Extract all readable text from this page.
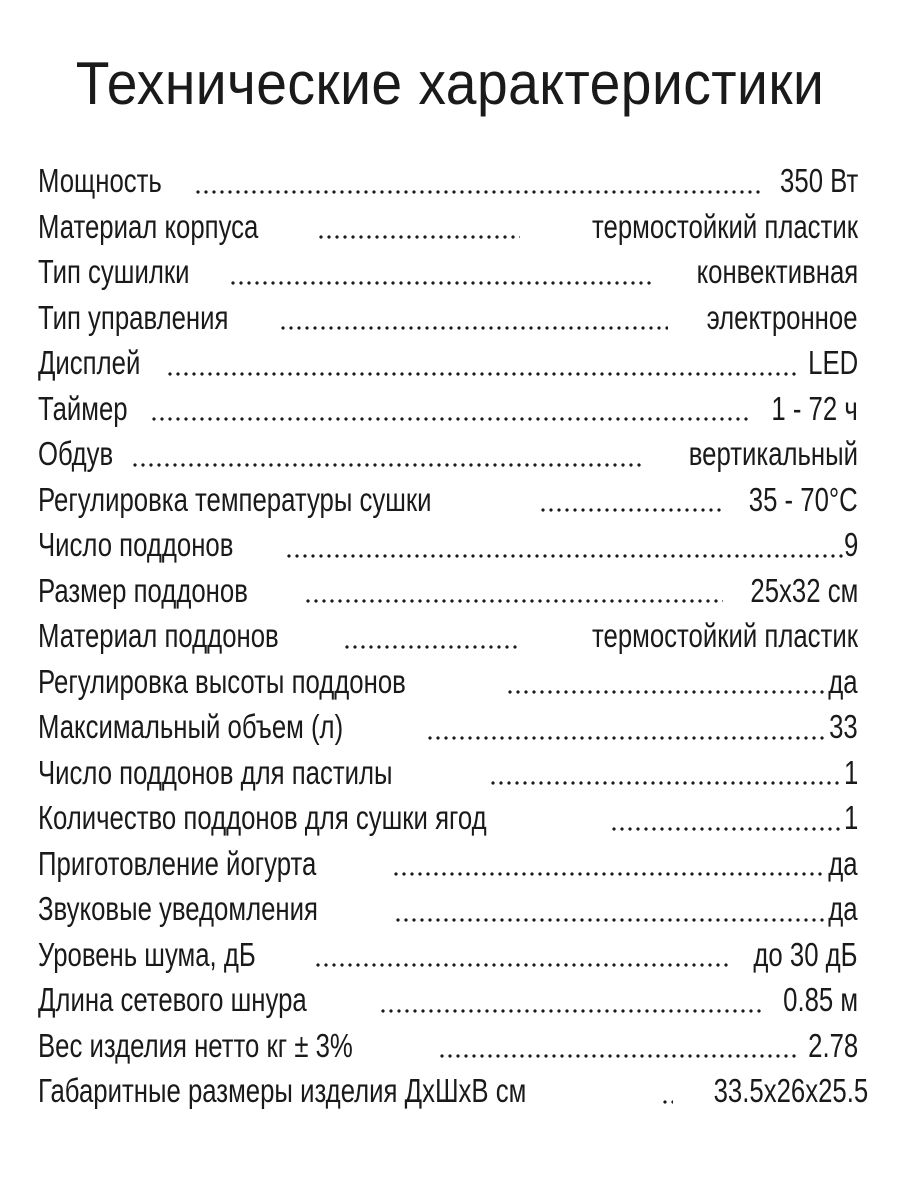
Технические характеристики
Мощность	350 Вт
Материал корпуса	термостойкий пластик
Тип сушилки	конвективная
Тип управления	электронное
Дисплей	LED
Таймер	1 - 72 ч
Обдув	вертикальный
Регулировка температуры сушки	35 - 70°С
Число поддонов	9
Размер поддонов	25х32 см
Материал поддонов	термостойкий пластик
Регулировка высоты поддонов	да
Максимальный объем (л)	33
Число поддонов для пастилы	1
Количество поддонов для сушки ягод	1
Приготовление йогурта	да
Звуковые уведомления	да
Уровень шума, дБ	до 30 дБ
Длина сетевого шнура	0.85 м
Вес изделия нетто кг ± 3%	2.78
Габаритные размеры изделия ДхШхВ см	33.5х26х25.5
